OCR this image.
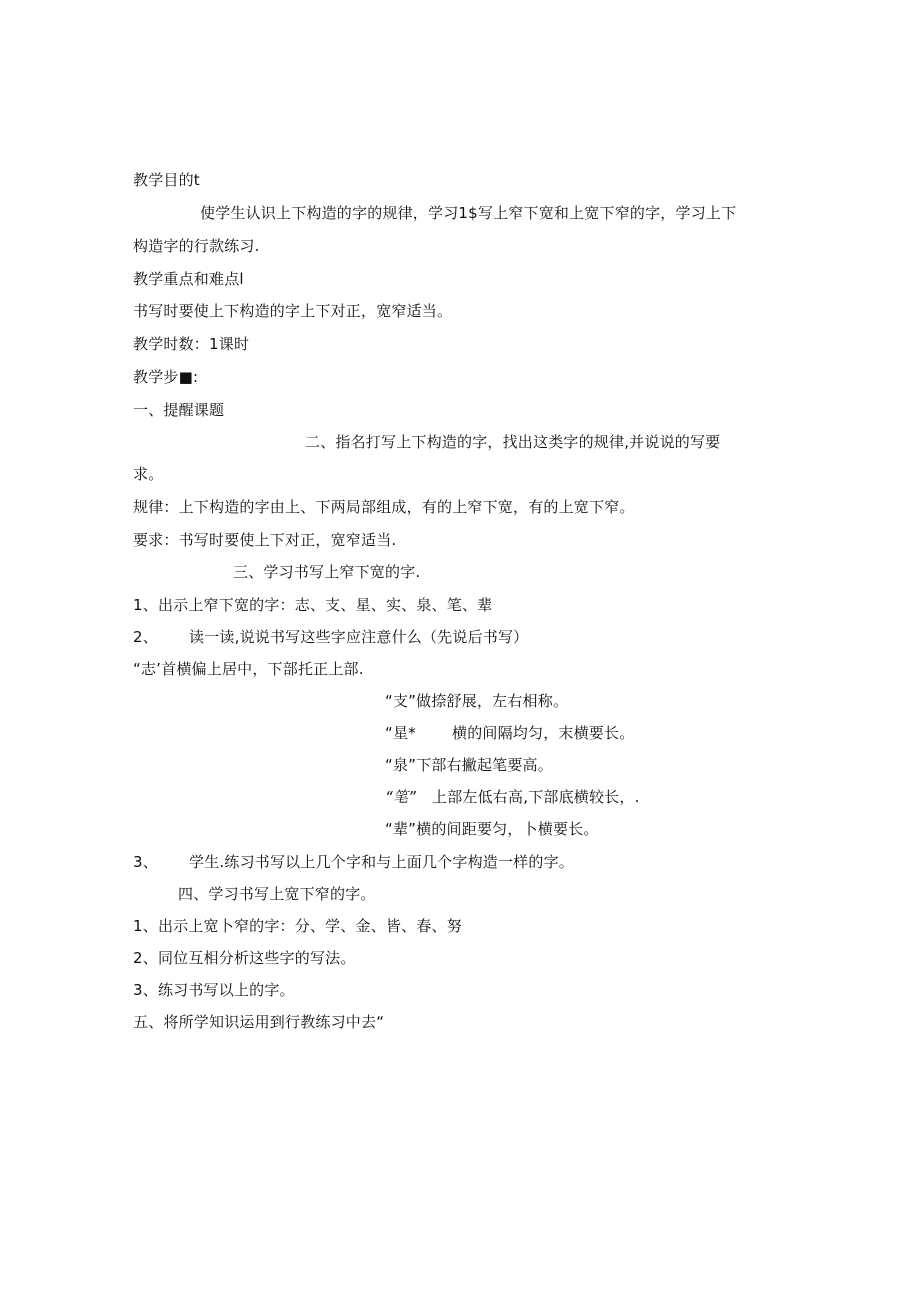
教学目的t
使学生认识上下构造的字的规律，学习1$写上窄下宽和上宽下窄的字，学习上下
构造字的行款练习.
教学重点和难点l
书写时要使上下构造的字上下对正，宽窄适当。
教学时数：1课时
教学步■:
一、提醒课题
二、指名打写上下构造的字，找出这类字的规律,并说说的写要
求。
规律：上下构造的字由上、下两局部组成，有的上窄下宽，有的上宽下窄。
要求：书写时要使上下对正，宽窄适当.
三、学习书写上窄下宽的字.
1、出示上窄下宽的字：志、支、星、实、泉、笔、辈
2、 读一读,说说书写这些字应注意什么（先说后书写）
“志’首横偏上居中，下部托正上部.
“支”做捺舒展，左右相称。
“星* 横的间隔均匀，末横要长。
“泉”下部右撇起笔要高。
“笔” 上部左低右高,下部底横较长，.
“辈”横的间距要匀，卜横要长。
3、 学生.练习书写以上几个字和与上面几个字构造一样的字。
四、学习书写上宽下窄的字。
1、出示上宽卜窄的字：分、学、金、皆、春、努
2、同位互相分析这些字的写法。
3、练习书写以上的字。
五、将所学知识运用到行教练习中去“
